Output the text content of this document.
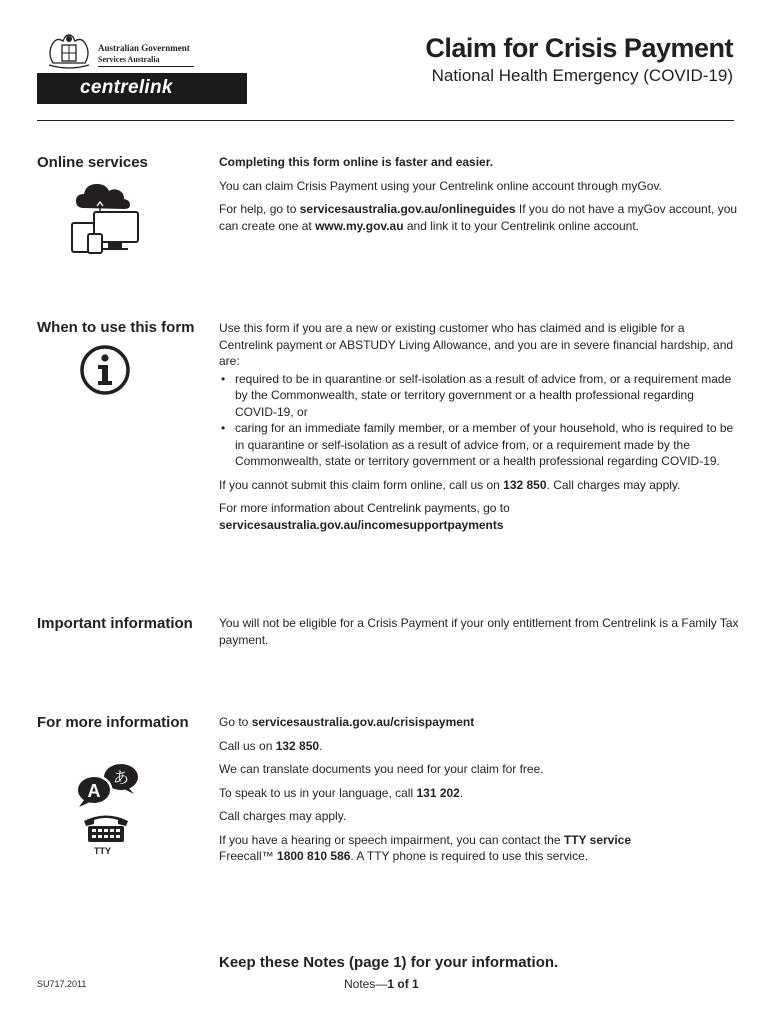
Australian Government
Services Australia
centrelink
Claim for Crisis Payment
National Health Emergency (COVID-19)
Online services	Completing this form online is faster and easier.

You can claim Crisis Payment using your Centrelink online account through myGov.

For help, go to servicesaustralia.gov.au/onlineguides If you do not have a myGov account, you can create one at www.my.gov.au and link it to your Centrelink online account.

When to use this form Use this form if you are a new or existing customer who has claimed and is eligible for a Centrelink payment or ABSTUDY Living Allowance, and you are in severe financial hardship, and are:

• required to be in quarantine or self-isolation as a result of advice from, or a requirement made by the Commonwealth, state or territory government or a health professional regarding COVID-19, or
• caring for an immediate family member, or a member of your household, who is required to be in quarantine or self-isolation as a result of advice from, or a requirement made by the Commonwealth, state or territory government or a health professional regarding COVID-19.

If you cannot submit this claim form online, call us on 132 850. Call charges may apply.

For more information about Centrelink payments, go to
servicesaustralia.gov.au/incomesupportpayments

Important information You will not be eligible for a Crisis Payment if your only entitlement from Centrelink is a Family Tax payment.

For more information
あ
A
TTY

Go to servicesaustralia.gov.au/crisispayment

Call us on 132 850.

We can translate documents you need for your claim for free.

To speak to us in your language, call 131 202.

Call charges may apply.

If you have a hearing or speech impairment, you can contact the TTY service
Freecall™ 1800 810 586. A TTY phone is required to use this service.

Keep these Notes (page 1) for your information.
SU717.2011	Notes—1 of 1
